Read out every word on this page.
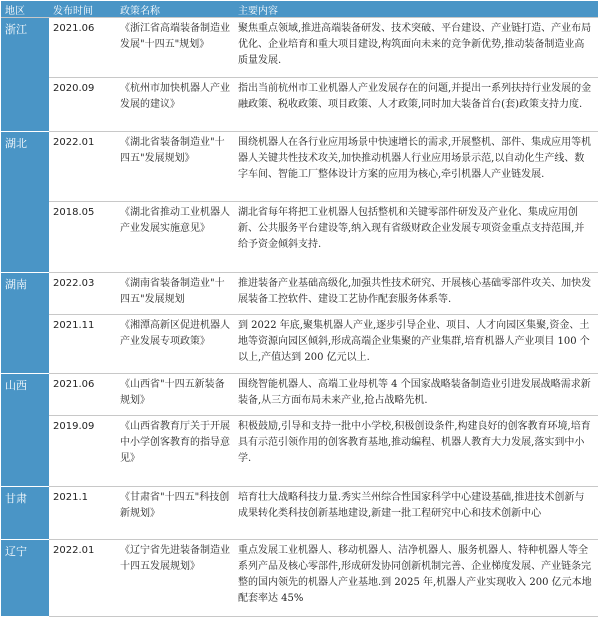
地区	发布时间	政策名称	主要内容
浙江	2021.06	《浙江省高端装备制造业发展"十四五"规划》	聚焦重点领域,推进高端装备研发、技术突破、平台建设、产业链打造、产业布局优化、企业培育和重大项目建设,构筑面向未来的竞争新优势,推动装备制造业高质量发展.
	2020.09	《杭州市加快机器人产业发展的建议》	指出当前杭州市工业机器人产业发展存在的问题,并提出一系列扶持行业发展的金融政策、税收政策、项目政策、人才政策,同时加大装备首台(套)政策支持力度.
湖北	2022.01	《湖北省装备制造业"十四五"发展规划》	围绕机器人在各行业应用场景中快速增长的需求,开展整机、部件、集成应用等机器人关键共性技术攻关,加快推动机器人行业应用场景示范,以自动化生产线、数字车间、智能工厂整体设计方案的应用为核心,牵引机器人产业链发展.
	2018.05	《湖北省推动工业机器人产业发展实施意见》	湖北省每年将把工业机器人包括整机和关键零部件研发及产业化、集成应用创新、公共服务平台建设等,纳入现有省级财政企业发展专项资金重点支持范围,并给予资金倾斜支持.
湖南	2022.03	《湖南省装备制造业"十四五"发展规划	推进装备产业基础高级化,加强共性技术研究、开展核心基础零部件攻关、加快发展装备工控软件、建设工艺协作配套服务体系等.
	2021.11	《湘潭高新区促进机器人产业发展专项政策》	到 2022 年底,聚集机器人产业,逐步引导企业、项目、人才向园区集聚,资金、土地等资源向园区倾斜,形成高端企业集聚的产业集群,培育机器人产业项目 100 个以上,产值达到 200 亿元以上.
山西	2021.06	《山西省"十四五新装备规划》	围绕智能机器人、高端工业母机等 4 个国家战略装备制造业引进发展战略需求新装备,从三方面布局未来产业,抢占战略先机.
	2019.09	《山西省教育厅关于开展中小学创客教育的指导意见》	积极鼓励,引导和支持一批中小学校,积极创设条件,构建良好的创客教育环境,培育具有示范引领作用的创客教育基地,推动编程、机器人教育大力发展,落实到中小学.
甘肃	2021.1	《甘肃省"十四五"科技创新规划》	培育壮大战略科技力量.秀实兰州综合性国家科学中心建设基础,推进技术创新与成果转化类科技创新基地建设,新建一批工程研究中心和技术创新中心
辽宁	2022.01	《辽宁省先进装备制造业十四五发展规划》	重点发展工业机器人、移动机器人、洁净机器人、服务机器人、特种机器人等全系列产品及核心零部件,形成研发协同创新机制完善、企业梯度发展、产业链条完整的国内领先的机器人产业基地.到 2025 年,机器人产业实现收入 200 亿元本地配套率达 45%
